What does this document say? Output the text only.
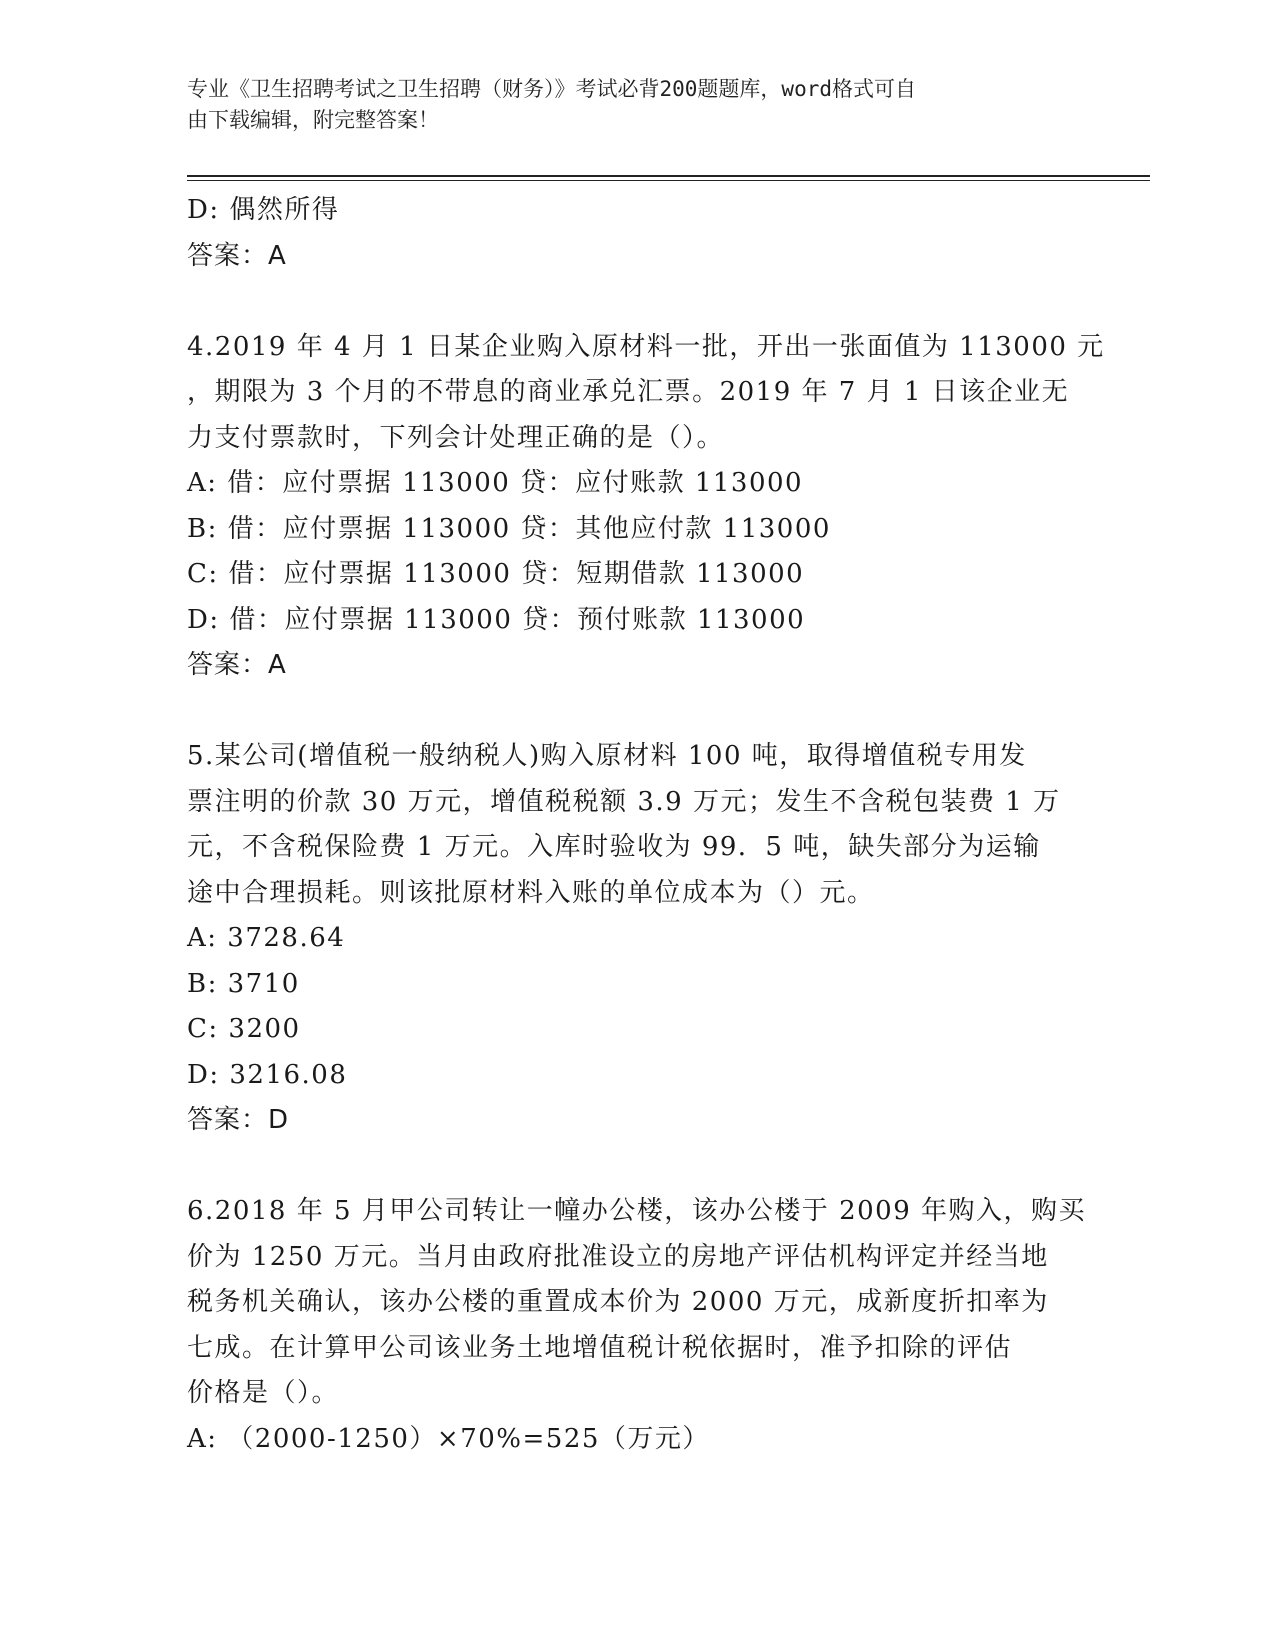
专业《卫生招聘考试之卫生招聘（财务）》考试必背200题题库，word格式可自
由下载编辑，附完整答案！
D: 偶然所得
答案：A
4.2019 年 4 月 1 日某企业购入原材料一批，开出一张面值为 113000 元
，期限为 3 个月的不带息的商业承兑汇票。2019 年 7 月 1 日该企业无
力支付票款时，下列会计处理正确的是（）。
A: 借：应付票据 113000 贷：应付账款 113000
B: 借：应付票据 113000 贷：其他应付款 113000
C: 借：应付票据 113000 贷：短期借款 113000
D: 借：应付票据 113000 贷：预付账款 113000
答案：A
5.某公司(增值税一般纳税人)购入原材料 100 吨，取得增值税专用发
票注明的价款 30 万元，增值税税额 3.9 万元；发生不含税包装费 1 万
元，不含税保险费 1 万元。入库时验收为 99．5 吨，缺失部分为运输
途中合理损耗。则该批原材料入账的单位成本为（）元。
A: 3728.64
B: 3710
C: 3200
D: 3216.08
答案：D
6.2018 年 5 月甲公司转让一幢办公楼，该办公楼于 2009 年购入，购买
价为 1250 万元。当月由政府批准设立的房地产评估机构评定并经当地
税务机关确认，该办公楼的重置成本价为 2000 万元，成新度折扣率为
七成。在计算甲公司该业务土地增值税计税依据时，准予扣除的评估
价格是（）。
A: （2000-1250）×70%=525（万元）
